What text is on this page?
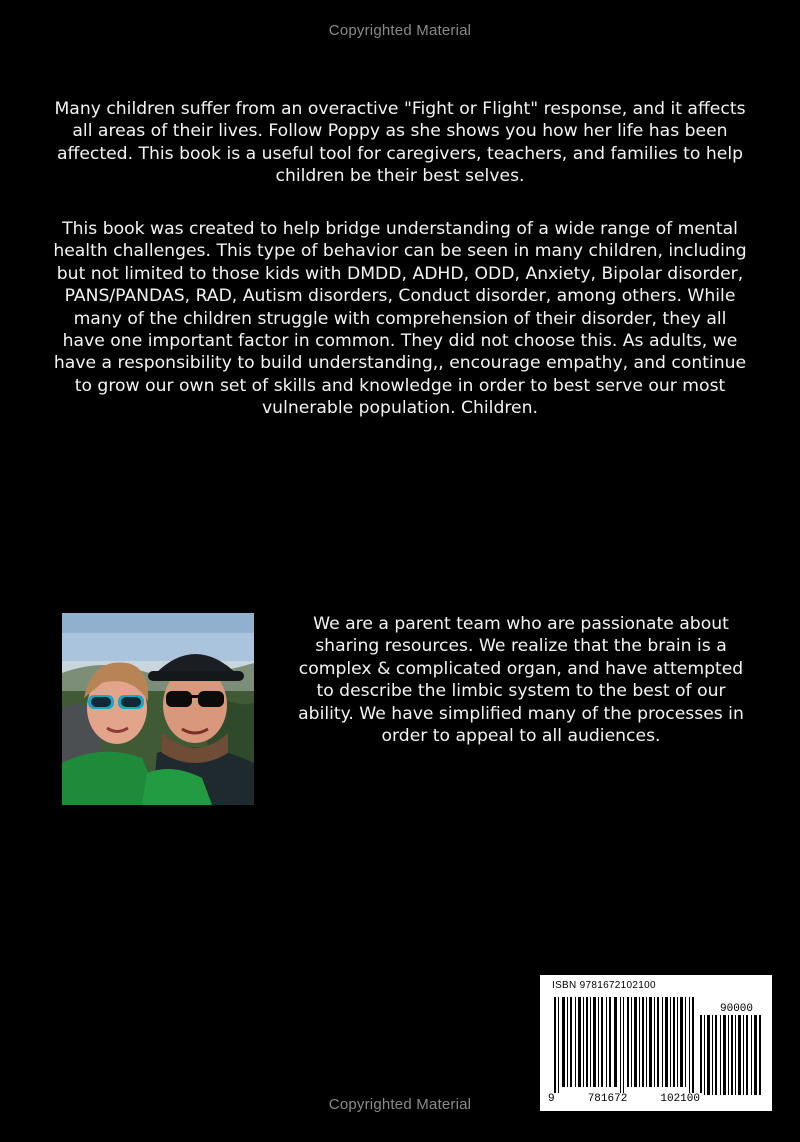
Copyrighted Material

Many children suffer from an overactive "Fight or Flight" response, and it affects all areas of their lives. Follow Poppy as she shows you how her life has been affected. This book is a useful tool for caregivers, teachers, and families to help children be their best selves.

This book was created to help bridge understanding of a wide range of mental health challenges. This type of behavior can be seen in many children, including but not limited to those kids with DMDD, ADHD, ODD, Anxiety, Bipolar disorder, PANS/PANDAS, RAD, Autism disorders, Conduct disorder, among others. While many of the children struggle with comprehension of their disorder, they all have one important factor in common. They did not choose this. As adults, we have a responsibility to build understanding,, encourage empathy, and continue to grow our own set of skills and knowledge in order to best serve our most vulnerable population. Children.

We are a parent team who are passionate about sharing resources. We realize that the brain is a complex & complicated organ, and have attempted to describe the limbic system to the best of our ability. We have simplified many of the processes in order to appeal to all audiences.

ISBN 9781672102100
90000
9	781672	102100
Copyrighted Material
